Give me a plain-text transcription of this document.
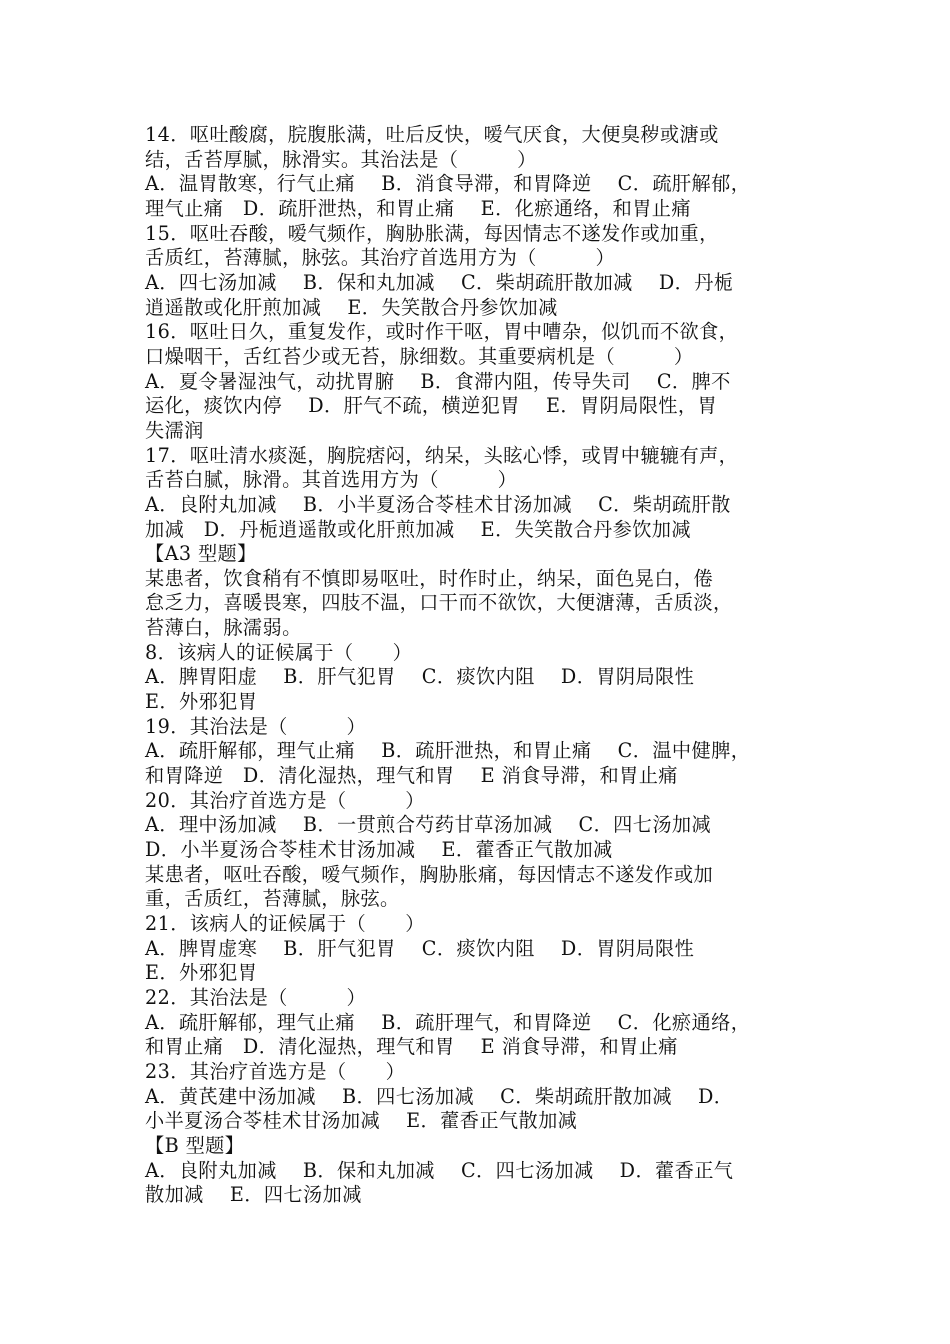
14．呕吐酸腐，脘腹胀满，吐后反快，嗳气厌食，大便臭秽或溏或
结，舌苔厚腻，脉滑实。其治法是（　　　）
A．温胃散寒，行气止痛　 B．消食导滞，和胃降逆　 C．疏肝解郁，
理气止痛　D．疏肝泄热，和胃止痛　 E．化瘀通络，和胃止痛
15．呕吐吞酸，嗳气频作，胸胁胀满，每因情志不遂发作或加重，
舌质红，苔薄腻，脉弦。其治疗首选用方为（　　　）
A．四七汤加减　 B．保和丸加减　 C．柴胡疏肝散加减　 D．丹栀
逍遥散或化肝煎加减　 E．失笑散合丹参饮加减
16．呕吐日久，重复发作，或时作干呕，胃中嘈杂，似饥而不欲食，
口燥咽干，舌红苔少或无苔，脉细数。其重要病机是（　　　）
A．夏令暑湿浊气，动扰胃腑　 B．食滞内阻，传导失司　 C．脾不
运化，痰饮内停　 D．肝气不疏，横逆犯胃　 E．胃阴局限性，胃
失濡润
17．呕吐清水痰涎，胸脘痞闷，纳呆，头眩心悸，或胃中辘辘有声，
舌苔白腻，脉滑。其首选用方为（　　　）
A．良附丸加减　 B．小半夏汤合苓桂术甘汤加减　 C．柴胡疏肝散
加减　D．丹栀逍遥散或化肝煎加减　 E．失笑散合丹参饮加减
【A3 型题】
某患者，饮食稍有不慎即易呕吐，时作时止，纳呆，面色晃白，倦
怠乏力，喜暖畏寒，四肢不温，口干而不欲饮，大便溏薄，舌质淡，
苔薄白，脉濡弱。
8．该病人的证候属于（　　）
A．脾胃阳虚　 B．肝气犯胃　 C．痰饮内阻　 D．胃阴局限性
E．外邪犯胃
19．其治法是（　　　）
A．疏肝解郁，理气止痛　 B．疏肝泄热，和胃止痛　 C．温中健脾，
和胃降逆　D．清化湿热，理气和胃　 E 消食导滞，和胃止痛
20．其治疗首选方是（　　　）
A．理中汤加减　 B．一贯煎合芍药甘草汤加减　 C．四七汤加减
D．小半夏汤合苓桂术甘汤加减　 E．藿香正气散加减
某患者，呕吐吞酸，嗳气频作，胸胁胀痛，每因情志不遂发作或加
重，舌质红，苔薄腻，脉弦。
21．该病人的证候属于（　　）
A．脾胃虚寒　 B．肝气犯胃　 C．痰饮内阻　 D．胃阴局限性
E．外邪犯胃
22．其治法是（　　　）
A．疏肝解郁，理气止痛　 B．疏肝理气，和胃降逆　 C．化瘀通络，
和胃止痛　D．清化湿热，理气和胃　 E 消食导滞，和胃止痛
23．其治疗首选方是（　　）
A．黄芪建中汤加减　 B．四七汤加减　 C．柴胡疏肝散加减　 D．
小半夏汤合苓桂术甘汤加减　 E．藿香正气散加减
【B 型题】
A．良附丸加减　 B．保和丸加减　 C．四七汤加减　 D．藿香正气
散加减　 E．四七汤加减
